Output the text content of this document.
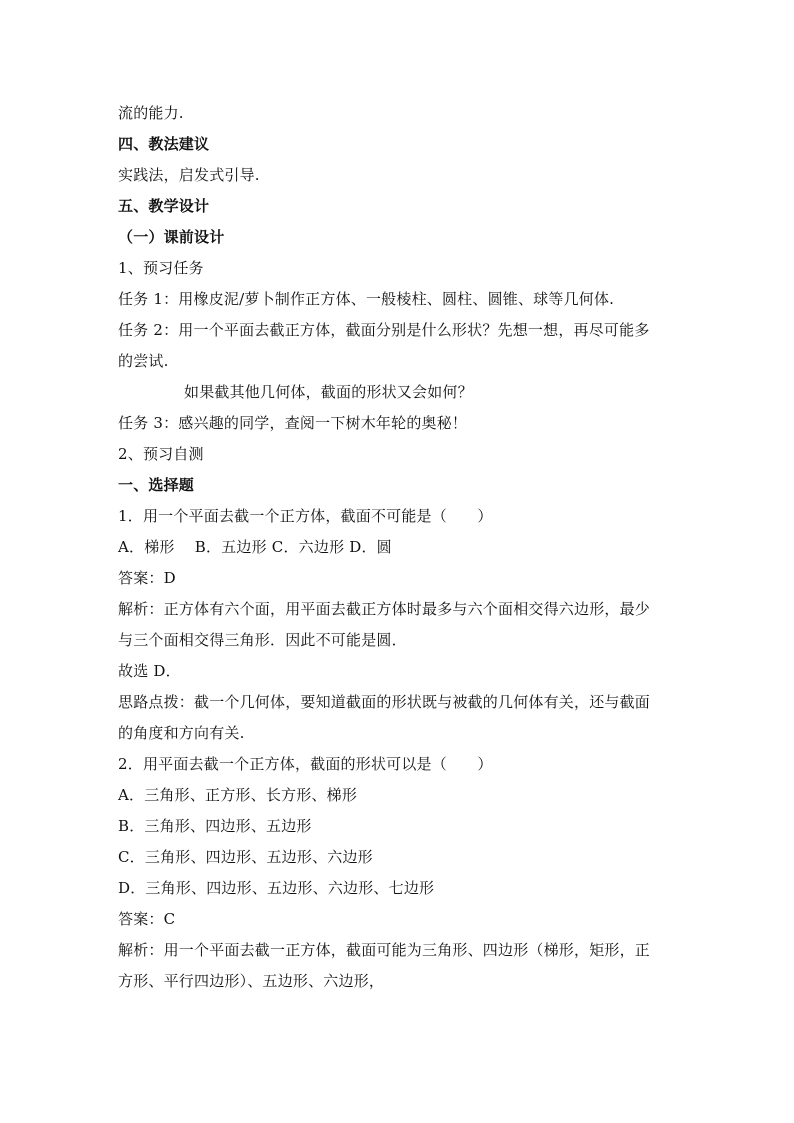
流的能力.
四、教法建议
实践法，启发式引导.
五、教学设计
（一）课前设计
1、预习任务
任务 1：用橡皮泥/萝卜制作正方体、一般棱柱、圆柱、圆锥、球等几何体.
任务 2：用一个平面去截正方体，截面分别是什么形状？先想一想，再尽可能多
的尝试.
如果截其他几何体，截面的形状又会如何？
任务 3：感兴趣的同学，查阅一下树木年轮的奥秘！
2、预习自测
一、选择题
1．用一个平面去截一个正方体，截面不可能是（　　）
A．梯形　 B．五边形 C．六边形 D．圆
答案：D
解析：正方体有六个面，用平面去截正方体时最多与六个面相交得六边形，最少
与三个面相交得三角形．因此不可能是圆．
故选 D．
思路点拨：截一个几何体，要知道截面的形状既与被截的几何体有关，还与截面
的角度和方向有关.
2．用平面去截一个正方体，截面的形状可以是（　　）
A．三角形、正方形、长方形、梯形
B．三角形、四边形、五边形
C．三角形、四边形、五边形、六边形
D．三角形、四边形、五边形、六边形、七边形
答案：C
解析：用一个平面去截一正方体，截面可能为三角形、四边形（梯形，矩形，正
方形、平行四边形）、五边形、六边形，
